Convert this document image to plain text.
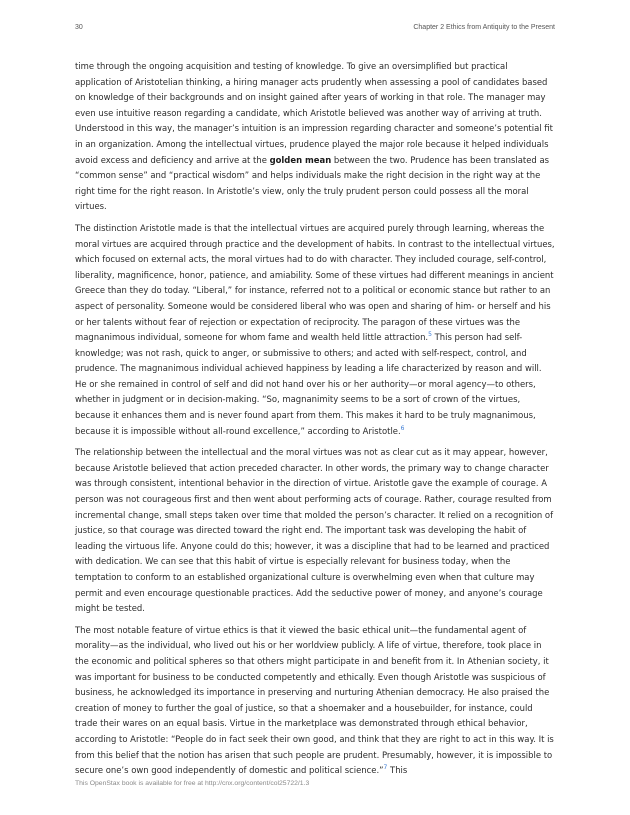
30	Chapter 2 Ethics from Antiquity to the Present

time through the ongoing acquisition and testing of knowledge. To give an oversimplified but practical application of Aristotelian thinking, a hiring manager acts prudently when assessing a pool of candidates based on knowledge of their backgrounds and on insight gained after years of working in that role. The manager may even use intuitive reason regarding a candidate, which Aristotle believed was another way of arriving at truth. Understood in this way, the manager’s intuition is an impression regarding character and someone’s potential fit in an organization. Among the intellectual virtues, prudence played the major role because it helped individuals avoid excess and deficiency and arrive at the golden mean between the two. Prudence has been translated as “common sense” and “practical wisdom” and helps individuals make the right decision in the right way at the right time for the right reason. In Aristotle’s view, only the truly prudent person could possess all the moral virtues.

The distinction Aristotle made is that the intellectual virtues are acquired purely through learning, whereas the moral virtues are acquired through practice and the development of habits. In contrast to the intellectual virtues, which focused on external acts, the moral virtues had to do with character. They included courage, self-control, liberality, magnificence, honor, patience, and amiability. Some of these virtues had different meanings in ancient Greece than they do today. “Liberal,” for instance, referred not to a political or economic stance but rather to an aspect of personality. Someone would be considered liberal who was open and sharing of him- or herself and his or her talents without fear of rejection or expectation of reciprocity. The paragon of these virtues was the magnanimous individual, someone for whom fame and wealth held little attraction.$^5$ This person had self-knowledge; was not rash, quick to anger, or submissive to others; and acted with self-respect, control, and prudence. The magnanimous individual achieved happiness by leading a life characterized by reason and will. He or she remained in control of self and did not hand over his or her authority—or moral agency—to others, whether in judgment or in decision-making. “So, magnanimity seems to be a sort of crown of the virtues, because it enhances them and is never found apart from them. This makes it hard to be truly magnanimous, because it is impossible without all-round excellence,” according to Aristotle.$^6$

The relationship between the intellectual and the moral virtues was not as clear cut as it may appear, however, because Aristotle believed that action preceded character. In other words, the primary way to change character was through consistent, intentional behavior in the direction of virtue. Aristotle gave the example of courage. A person was not courageous first and then went about performing acts of courage. Rather, courage resulted from incremental change, small steps taken over time that molded the person’s character. It relied on a recognition of justice, so that courage was directed toward the right end. The important task was developing the habit of leading the virtuous life. Anyone could do this; however, it was a discipline that had to be learned and practiced with dedication. We can see that this habit of virtue is especially relevant for business today, when the temptation to conform to an established organizational culture is overwhelming even when that culture may permit and even encourage questionable practices. Add the seductive power of money, and anyone’s courage might be tested.

The most notable feature of virtue ethics is that it viewed the basic ethical unit—the fundamental agent of morality—as the individual, who lived out his or her worldview publicly. A life of virtue, therefore, took place in the economic and political spheres so that others might participate in and benefit from it. In Athenian society, it was important for business to be conducted competently and ethically. Even though Aristotle was suspicious of business, he acknowledged its importance in preserving and nurturing Athenian democracy. He also praised the creation of money to further the goal of justice, so that a shoemaker and a housebuilder, for instance, could trade their wares on an equal basis. Virtue in the marketplace was demonstrated through ethical behavior, according to Aristotle: “People do in fact seek their own good, and think that they are right to act in this way. It is from this belief that the notion has arisen that such people are prudent. Presumably, however, it is impossible to secure one’s own good independently of domestic and political science.”$^7$ This

This OpenStax book is available for free at http://cnx.org/content/col25722/1.3
